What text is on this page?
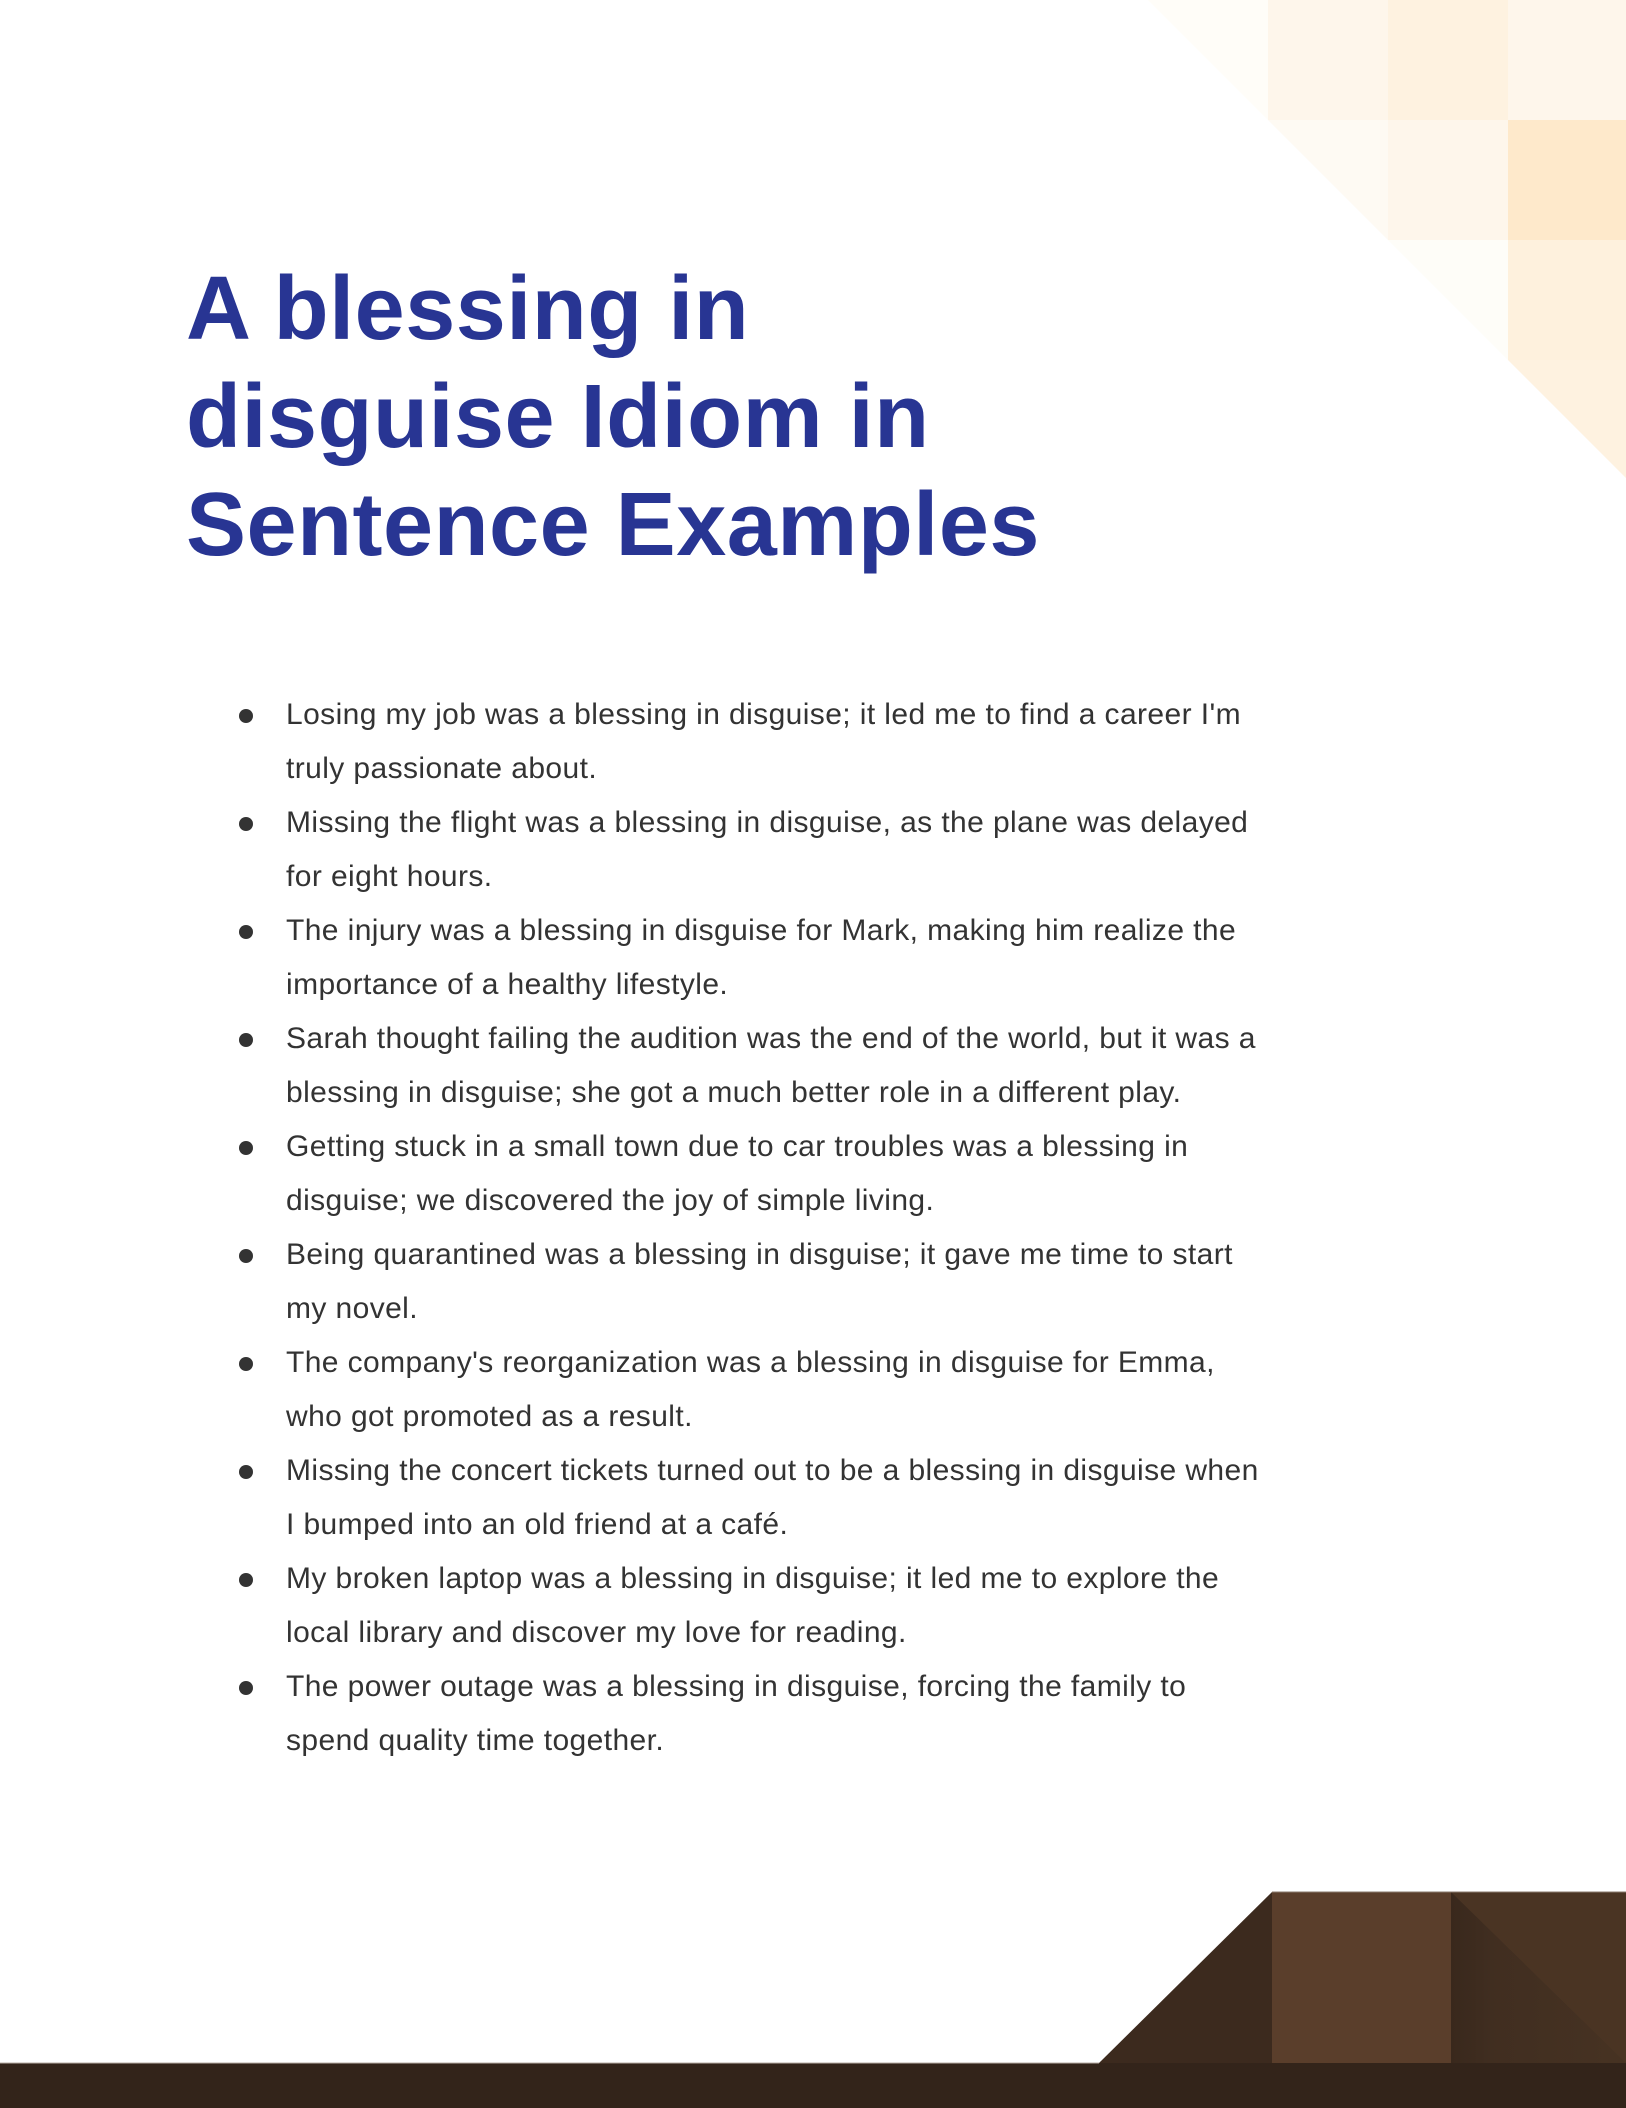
A blessing in
disguise Idiom in
Sentence Examples
Losing my job was a blessing in disguise; it led me to find a career I'm
truly passionate about.
Missing the flight was a blessing in disguise, as the plane was delayed
for eight hours.
The injury was a blessing in disguise for Mark, making him realize the
importance of a healthy lifestyle.
Sarah thought failing the audition was the end of the world, but it was a
blessing in disguise; she got a much better role in a different play.
Getting stuck in a small town due to car troubles was a blessing in
disguise; we discovered the joy of simple living.
Being quarantined was a blessing in disguise; it gave me time to start
my novel.
The company's reorganization was a blessing in disguise for Emma,
who got promoted as a result.
Missing the concert tickets turned out to be a blessing in disguise when
I bumped into an old friend at a café.
My broken laptop was a blessing in disguise; it led me to explore the
local library and discover my love for reading.
The power outage was a blessing in disguise, forcing the family to
spend quality time together.
